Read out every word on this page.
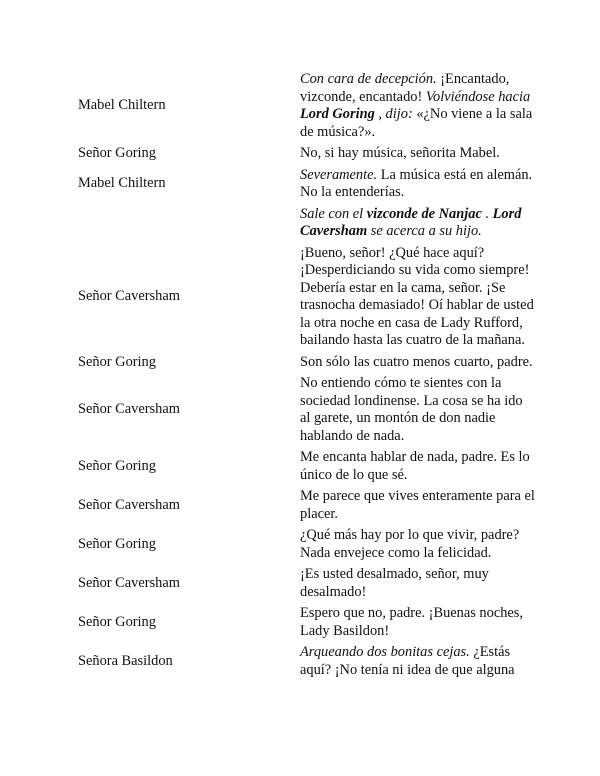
Mabel Chiltern
Con cara de decepción. ¡Encantado, vizconde, encantado! Volviéndose hacia Lord Goring , dijo: «¿No viene a la sala de música?».
Señor Goring	No, si hay música, señorita Mabel.
Mabel Chiltern
Severamente. La música está en alemán. No la entenderías.
Sale con el vizconde de Nanjac . Lord Caversham se acerca a su hijo.
Señor Caversham
¡Bueno, señor! ¿Qué hace aquí? ¡Desperdiciando su vida como siempre! Debería estar en la cama, señor. ¡Se trasnocha demasiado! Oí hablar de usted la otra noche en casa de Lady Rufford, bailando hasta las cuatro de la mañana.
Señor Goring	Son sólo las cuatro menos cuarto, padre.
Señor Caversham
No entiendo cómo te sientes con la sociedad londinense. La cosa se ha ido al garete, un montón de don nadie hablando de nada.
Señor Goring
Me encanta hablar de nada, padre. Es lo único de lo que sé.
Señor Caversham
Me parece que vives enteramente para el placer.
Señor Goring
¿Qué más hay por lo que vivir, padre? Nada envejece como la felicidad.
Señor Caversham
¡Es usted desalmado, señor, muy desalmado!
Señor Goring
Espero que no, padre. ¡Buenas noches, Lady Basildon!
Señora Basildon
Arqueando dos bonitas cejas. ¿Estás aquí? ¡No tenía ni idea de que alguna
